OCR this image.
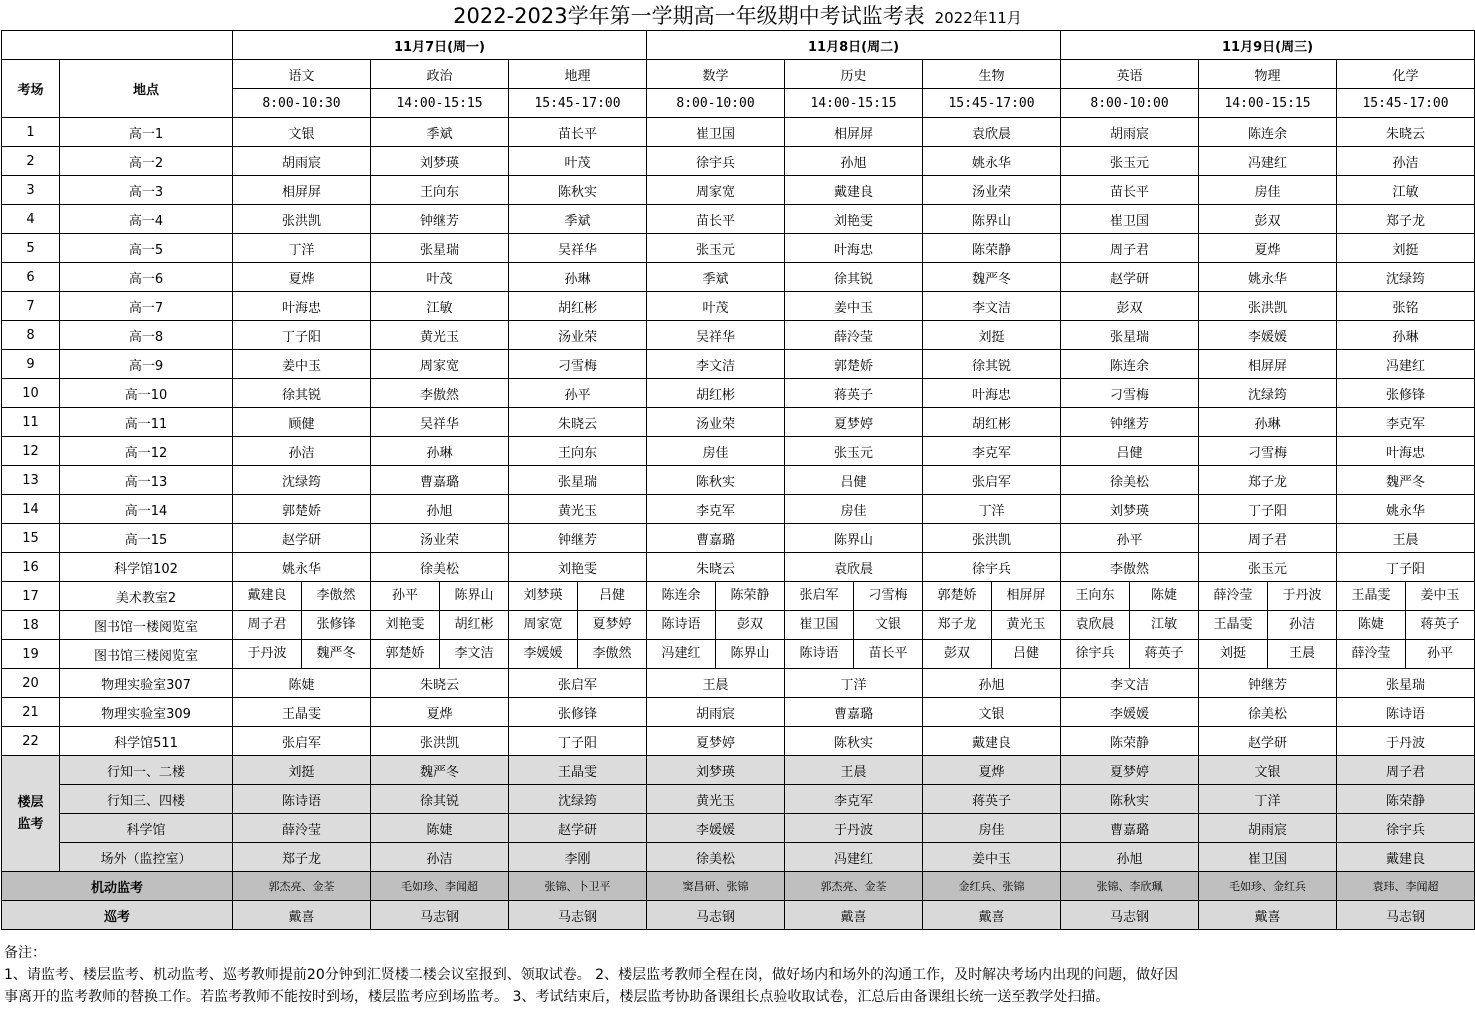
2022-2023学年第一学期高一年级期中考试监考表 2022年11月
		11月7日(周一)			11月8日(周二)			11月9日(周三)		
考场	地点	语文	政治	地理	数学	历史	生物	英语	物理	化学
		8:00-10:30	14:00-15:15	15:45-17:00	8:00-10:00	14:00-15:15	15:45-17:00	8:00-10:00	14:00-15:15	15:45-17:00
1	高一1	文银	季斌	苗长平	崔卫国	相屏屏	袁欣晨	胡雨宸	陈连余	朱晓云
2	高一2	胡雨宸	刘梦瑛	叶茂	徐宇兵	孙旭	姚永华	张玉元	冯建红	孙洁
3	高一3	相屏屏	王向东	陈秋实	周家宽	戴建良	汤业荣	苗长平	房佳	江敏
4	高一4	张洪凯	钟继芳	季斌	苗长平	刘艳雯	陈界山	崔卫国	彭双	郑子龙
5	高一5	丁洋	张星瑞	吴祥华	张玉元	叶海忠	陈荣静	周子君	夏烨	刘挺
6	高一6	夏烨	叶茂	孙琳	季斌	徐其锐	魏严冬	赵学研	姚永华	沈绿筠
7	高一7	叶海忠	江敏	胡红彬	叶茂	姜中玉	李文洁	彭双	张洪凯	张铭
8	高一8	丁子阳	黄光玉	汤业荣	吴祥华	薛泠莹	刘挺	张星瑞	李媛媛	孙琳
9	高一9	姜中玉	周家宽	刁雪梅	李文洁	郭楚娇	徐其锐	陈连余	相屏屏	冯建红
10	高一10	徐其锐	李傲然	孙平	胡红彬	蒋英子	叶海忠	刁雪梅	沈绿筠	张修锋
11	高一11	顾健	吴祥华	朱晓云	汤业荣	夏梦婷	胡红彬	钟继芳	孙琳	李克军
12	高一12	孙洁	孙琳	王向东	房佳	张玉元	李克军	吕健	刁雪梅	叶海忠
13	高一13	沈绿筠	曹嘉璐	张星瑞	陈秋实	吕健	张启军	徐美松	郑子龙	魏严冬
14	高一14	郭楚娇	孙旭	黄光玉	李克军	房佳	丁洋	刘梦瑛	丁子阳	姚永华
15	高一15	赵学研	汤业荣	钟继芳	曹嘉璐	陈界山	张洪凯	孙平	周子君	王晨
16	科学馆102	姚永华	徐美松	刘艳雯	朱晓云	袁欣晨	徐宇兵	李傲然	张玉元	丁子阳
17	美术教室2	戴建良 李傲然	孙平 陈界山	刘梦瑛 吕健	陈连余 陈荣静	张启军 刁雪梅	郭楚娇 相屏屏	王向东 陈婕	薛泠莹 于丹波	王晶雯 姜中玉

18	图书馆一楼阅览室	周子君 张修锋	刘艳雯 胡红彬	周家宽 夏梦婷	陈诗语 彭双	崔卫国 文银	郑子龙 黄光玉	袁欣晨 江敏	王晶雯 孙洁	陈婕 蒋英子

19	图书馆三楼阅览室	于丹波 魏严冬	郭楚娇 李文洁	李媛媛 李傲然	冯建红 陈界山	陈诗语 苗长平	彭双 吕健	徐宇兵 蒋英子	刘挺 王晨	薛泠莹 孙平

20	物理实验室307	陈婕	朱晓云	张启军	王晨	丁洋	孙旭	李文洁	钟继芳	张星瑞
21	物理实验室309	王晶雯	夏烨	张修锋	胡雨宸	曹嘉璐	文银	李媛媛	徐美松	陈诗语
22	科学馆511	张启军	张洪凯	丁子阳	夏梦婷	陈秋实	戴建良	陈荣静	赵学研	于丹波
楼层监考	行知一、二楼	刘挺	魏严冬	王晶雯	刘梦瑛	王晨	夏烨	夏梦婷	文银	周子君
	行知三、四楼	陈诗语	徐其锐	沈绿筠	黄光玉	李克军	蒋英子	陈秋实	丁洋	陈荣静
	科学馆	薛泠莹	陈婕	赵学研	李媛媛	于丹波	房佳	曹嘉璐	胡雨宸	徐宇兵
	场外（监控室）	郑子龙	孙洁	李刚	徐美松	冯建红	姜中玉	孙旭	崔卫国	戴建良
机动监考		郭杰亮、金荃	毛如珍、李闻超	张锦、卜卫平	窦昌研、张锦	郭杰亮、金荃	金红兵、张锦	张锦、李欣珮	毛如珍、金红兵	袁玮、李闻超
巡考		戴喜	马志钢	马志钢	马志钢	戴喜	戴喜	马志钢	戴喜	马志钢

备注：

1、请监考、楼层监考、机动监考、巡考教师提前20分钟到汇贤楼二楼会议室报到、领取试卷。 2、楼层监考教师全程在岗，做好场内和场外的沟通工作，及时解决考场内出现的问题，做好因

事离开的监考教师的替换工作。若监考教师不能按时到场，楼层监考应到场监考。 3、考试结束后，楼层监考协助备课组长点验收取试卷，汇总后由备课组长统一送至教学处扫描。
